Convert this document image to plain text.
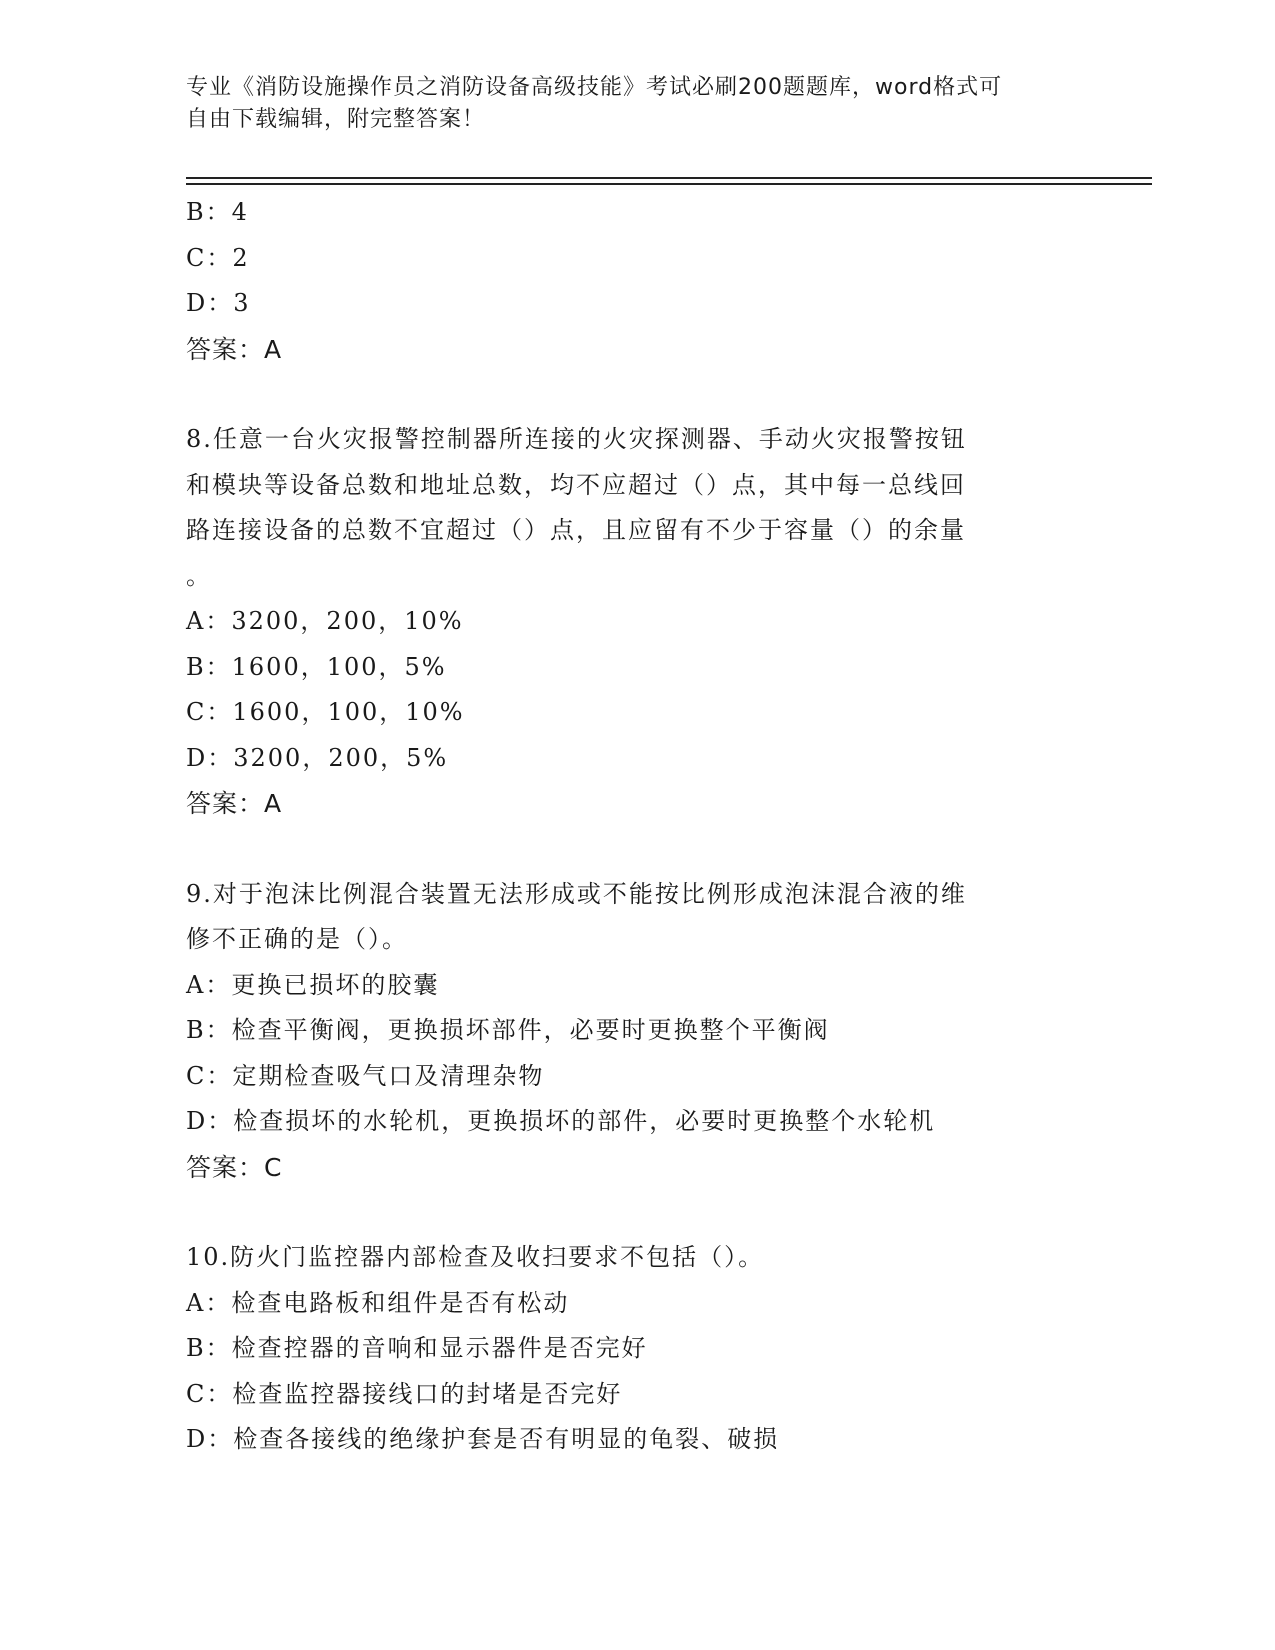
专业《消防设施操作员之消防设备高级技能》考试必刷200题题库，word格式可
自由下载编辑，附完整答案！
B：4
C：2
D：3
答案：A
8.任意一台火灾报警控制器所连接的火灾探测器、手动火灾报警按钮
和模块等设备总数和地址总数，均不应超过（）点，其中每一总线回
路连接设备的总数不宜超过（）点，且应留有不少于容量（）的余量
。
A：3200，200，10%
B：1600，100，5%
C：1600，100，10%
D：3200，200，5%
答案：A
9.对于泡沫比例混合装置无法形成或不能按比例形成泡沫混合液的维
修不正确的是（）。
A：更换已损坏的胶囊
B：检查平衡阀，更换损坏部件，必要时更换整个平衡阀
C：定期检查吸气口及清理杂物
D：检查损坏的水轮机，更换损坏的部件，必要时更换整个水轮机
答案：C
10.防火门监控器内部检查及收扫要求不包括（）。
A：检查电路板和组件是否有松动
B：检查控器的音响和显示器件是否完好
C：检查监控器接线口的封堵是否完好
D：检查各接线的绝缘护套是否有明显的龟裂、破损
